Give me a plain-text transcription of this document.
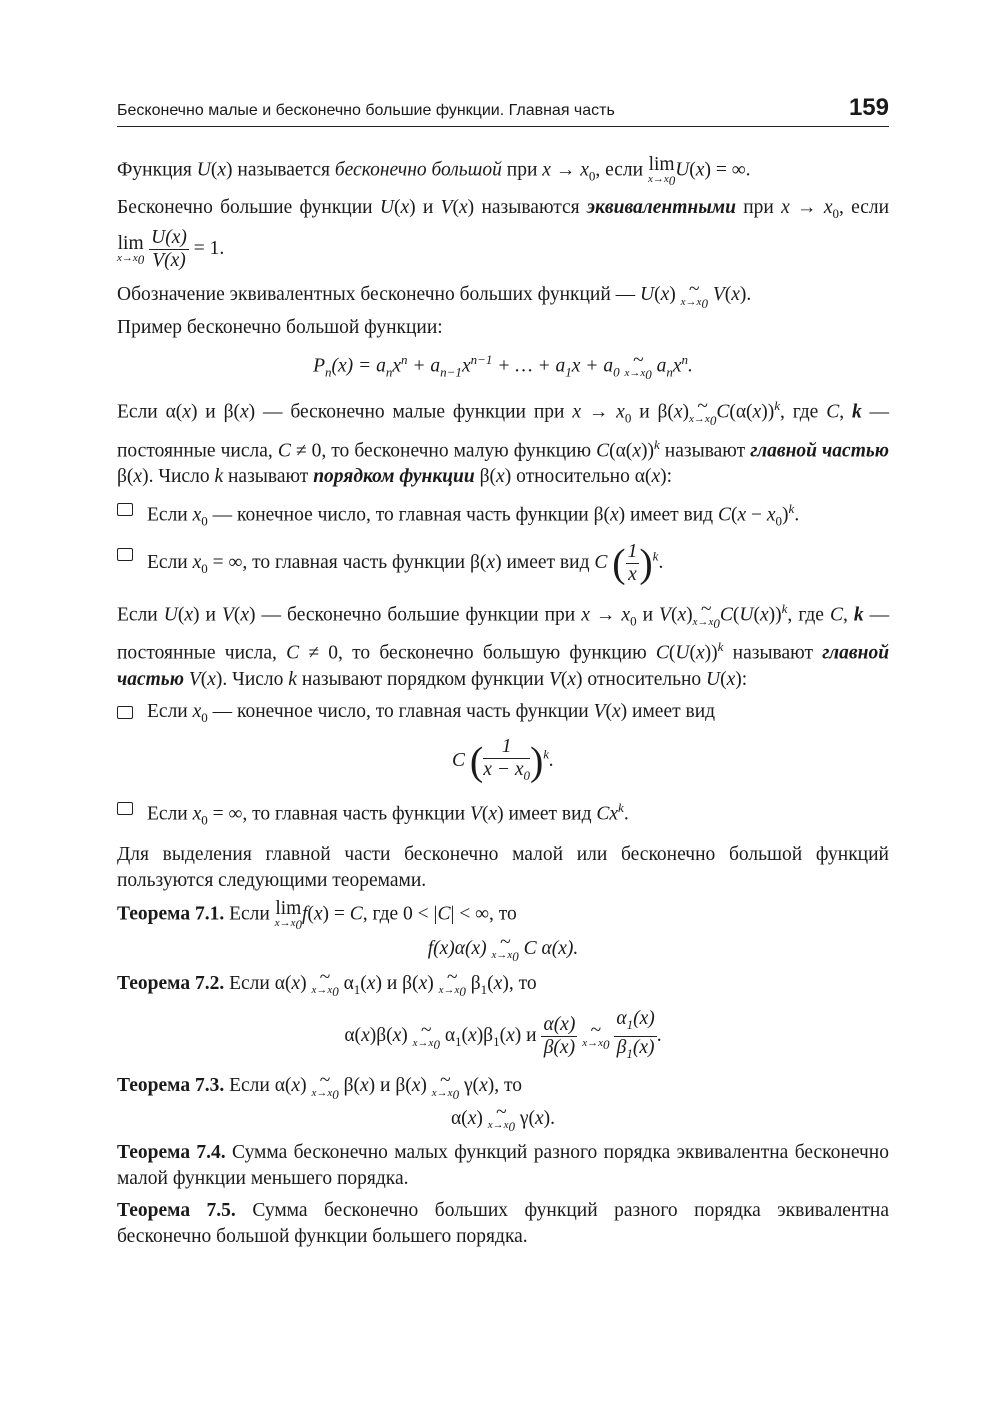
Бесконечно малые и бесконечно большие функции. Главная часть	159

Функция U(x) называется бесконечно большой при $x \to x_0$, если lim
$x\to x_0$
U(x) = ∞.

Бесконечно большие функции U(x) и V(x) называются эквивалентными при $x \to x_0$, если lim
$x\to x_0$
$\frac{U(x)}{V(x)} = 1$.

Обозначение эквивалентных бесконечно больших функций — U(x) ~
$x\to x_0$ V(x).

Пример бесконечно большой функции:

$P_n(x) = a_nx^n + a_{n-1}x^{n-1}$ + … + $a_1x + a_0$ ~
$x\to x_0$ $a_nx^n$.

Если α(x) и β(x) — бесконечно малые функции при $x \to x_0$ и β(x) ~
$x\to x_0$ $C(\alpha(x))^k$, где C, k — постоянные числа, C ≠ 0, то бесконечно малую функцию $C(\alpha(x))^k$ называют главной частью β(x). Число k называют порядком функции β(x) относительно α(x):

Если $x_0$ — конечное число, то главная часть функции β(x) имеет вид $C(x - x_0)^k$.
Если $x_0$ = ∞, то главная часть функции β(x) имеет вид C ( $\frac{1}{x} )^k$.

Если U(x) и V(x) — бесконечно большие функции при $x \to x_0$ и V(x) ~
$x\to x_0$ $C(U(x))^k$, где C, k — постоянные числа, C ≠ 0, то бесконечно большую функцию $C(U(x))^k$ называют главной частью V(x). Число k называют порядком функции V(x) относительно U(x):

Если $x_0$ — конечное число, то главная часть функции V(x) имеет вид
C ( $\frac{1}{x - x_0} )^k$.
Если $x_0$ = ∞, то главная часть функции V(x) имеет вид Cx$^k$.

Для выделения главной части бесконечно малой или бесконечно большой функций пользуются следующими теоремами.

Теорема 7.1. Если lim
$x\to x_0$
f(x) = C, где 0 < |C| < ∞, то

f(x)α(x) ~
$x\to x_0$ C α(x).

Теорема 7.2. Если α(x) ~
$x\to x_0$ $\alpha_1(x)$ и β(x) ~
$x\to x_0$ $\beta_1(x)$, то

α(x)β(x) ~
$x\to x_0$ $\alpha_1(x)\beta_1(x)$ и $\frac{\alpha(x)}{\beta(x)}$ ~
$x\to x_0$
$\frac{\alpha_1(x)}{\beta_1(x)}$ .

Теорема 7.3. Если α(x) ~
$x\to x_0$ β(x) и β(x) ~
$x\to x_0$ γ(x), то

α(x) ~
$x\to x_0$ γ(x).

Теорема 7.4. Сумма бесконечно малых функций разного порядка эквивалентна бесконечно малой функции меньшего порядка.

Теорема 7.5. Сумма бесконечно больших функций разного порядка эквивалентна бесконечно большой функции большего порядка.
